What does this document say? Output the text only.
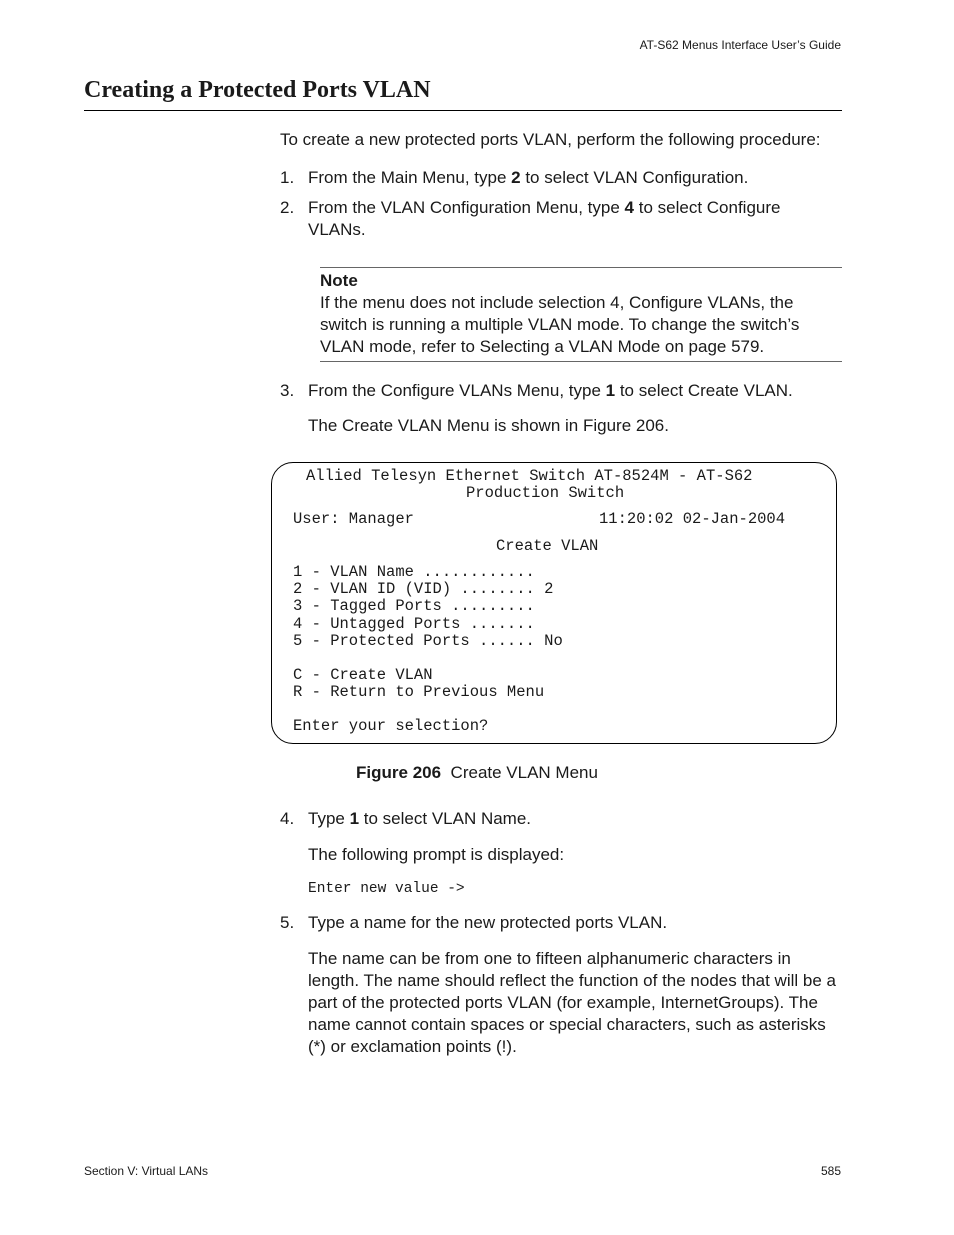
AT-S62 Menus Interface User’s Guide
Creating a Protected Ports VLAN
To create a new protected ports VLAN, perform the following procedure:
1. From the Main Menu, type 2 to select VLAN Configuration.
2. From the VLAN Configuration Menu, type 4 to select Configure VLANs.
Note
If the menu does not include selection 4, Configure VLANs, the switch is running a multiple VLAN mode. To change the switch’s VLAN mode, refer to Selecting a VLAN Mode on page 579.
3. From the Configure VLANs Menu, type 1 to select Create VLAN.
The Create VLAN Menu is shown in Figure 206.
Allied Telesyn Ethernet Switch AT-8524M - AT-S62
Production Switch
User: Manager	11:20:02 02-Jan-2004
Create VLAN
1 - VLAN Name ............
2 - VLAN ID (VID) ........ 2
3 - Tagged Ports .........
4 - Untagged Ports .......
5 - Protected Ports ...... No
C - Create VLAN
R - Return to Previous Menu
Enter your selection?
Figure 206 Create VLAN Menu
4. Type 1 to select VLAN Name.
The following prompt is displayed:
Enter new value ->
5. Type a name for the new protected ports VLAN.
The name can be from one to fifteen alphanumeric characters in length. The name should reflect the function of the nodes that will be a part of the protected ports VLAN (for example, InternetGroups). The name cannot contain spaces or special characters, such as asterisks (*) or exclamation points (!).
Section V: Virtual LANs	585
